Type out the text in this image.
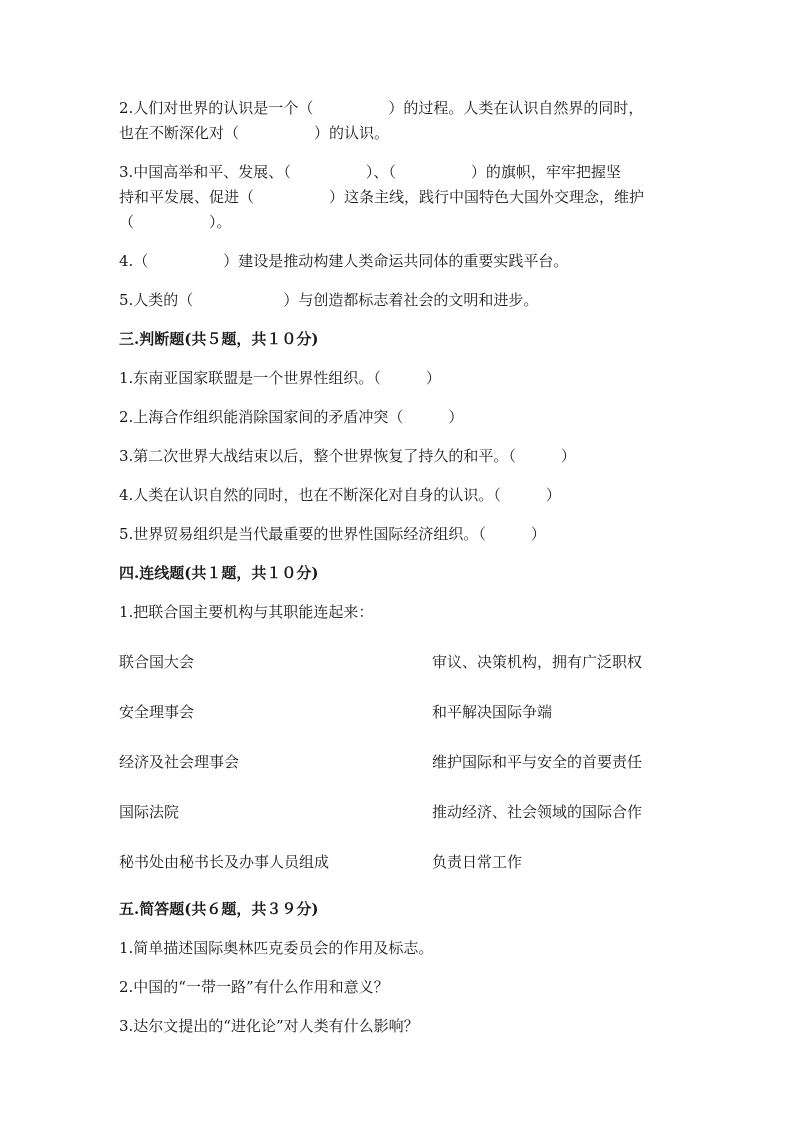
2.人们对世界的认识是一个（　　　　　）的过程。人类在认识自然界的同时，

也在不断深化对（　　　　　）的认识。

3.中国高举和平、发展、（　　　　　）、（　　　　　）的旗帜，牢牢把握坚

持和平发展、促进（　　　　　）这条主线，践行中国特色大国外交理念，维护

（　　　　　）。

4.（　　　　　）建设是推动构建人类命运共同体的重要实践平台。

5.人类的（　　　　　　）与创造都标志着社会的文明和进步。

三.判断题(共５题，共１０分)

1.东南亚国家联盟是一个世界性组织。（　　　）

2.上海合作组织能消除国家间的矛盾冲突（　　　）

3.第二次世界大战结束以后，整个世界恢复了持久的和平。（　　　）

4.人类在认识自然的同时，也在不断深化对自身的认识。（　　　）

5.世界贸易组织是当代最重要的世界性国际经济组织。（　　　）

四.连线题(共１题，共１０分)

1.把联合国主要机构与其职能连起来：

联合国大会	审议、决策机构，拥有广泛职权
安全理事会	和平解决国际争端
经济及社会理事会	维护国际和平与安全的首要责任
国际法院	推动经济、社会领域的国际合作
秘书处由秘书长及办事人员组成	负责日常工作

五.简答题(共６题，共３９分)

1.简单描述国际奥林匹克委员会的作用及标志。

2.中国的“一带一路”有什么作用和意义？

3.达尔文提出的“进化论”对人类有什么影响？
